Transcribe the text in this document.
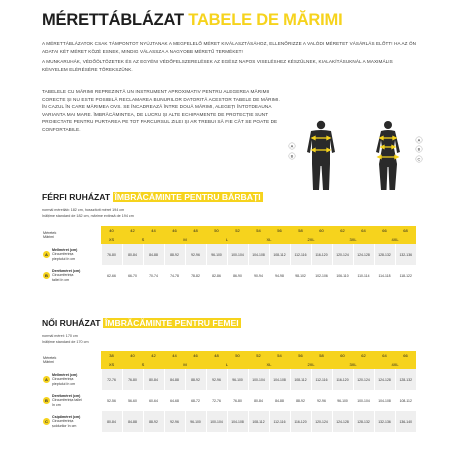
MÉRETTÁBLÁZAT TABELE DE MĂRIMI

A MÉRETTÁBLÁZATOK CSAK TÁMPONTOT NYÚJTANAK A MEGFELELŐ MÉRET KIVÁLASZTÁSÁHOZ, ELLENŐRIZZE A VALÓDI MÉRETET VÁSÁRLÁS ELŐTT! HA AZ ÖN ADATAI KÉT MÉRET KÖZÉ ESNEK, MINDIG VÁLASSZA A NAGYOBB MÉRETŰ TERMÉKET!

A MUNKARUHÁK, VÉDŐÖLTÖZETEK ÉS AZ EGYÉNI VÉDŐFELSZERELÉSEK AZ EGÉSZ NAPOS VISELÉSHEZ KÉSZÜLNEK, KIALAKÍTÁSUKNÁL A MAXIMÁLIS KÉNYELEM ELÉRÉSÉRE TÖREKSZÜNK.

TABELELE CU MĂRIMI REPREZINTĂ UN INSTRUMENT APROXIMATIV PENTRU ALEGEREA MĂRIMII CORECTE ȘI NU ESTE POSIBILĂ RECLAMAREA BUNURILOR DATORITĂ ACESTOR TABELE DE MĂRIMI. ÎN CAZUL ÎN CARE MĂRIMEA OVS. SE ÎNCADREAZĂ ÎNTRE DOUĂ MĂRIMI, ALEGEȚI ÎNTOTDEAUNA VARIANTA MAI MARE. ÎMBRĂCĂMINTEA, DE LUCRU ȘI ALTE ECHIPAMENTE DE PROTECȚIE SUNT PROIECTATE PENTRU PURTAREA PE TOT PARCURSUL ZILEI ȘI AR TREBUI SĂ FIE CÂT SE POATE DE CONFORTABILE.
A
B
A
B
C
FÉRFI RUHÁZAT ÎMBRĂCĂMINTE PENTRU BĂRBAȚI
normál méretláb: 182 cm, hosszított méret 194 cm
înălțime standard de 182 cm, mărime extinsă de 194 cm
Méretek
Mărimi	40	42	44	46	48	50	52	54	56	58	60	62	64	66	68
	XS	S		M		L		XL		2XL		3XL		4XL	

A
Mellméret (cm)
Circumferința
pieptului în cm	76-80	80-84	84-88	88-92	92-96	96-100	100-104	104-108	108-112	112-116	116-120	120-124	124-128	128-132	132-136

B
Derékméret (cm)
Circumferința
taliei în cm	62-66	66-70	70-74	74-78	78-82	82-86	86-90	90-94	94-98	98-102	102-106	106-110	110-114	114-118	118-122
NŐI RUHÁZAT ÎMBRĂCĂMINTE PENTRU FEMEI
normál méret: 170 cm
înălțime standard de 170 cm
Méretek
Mărimi	38	40	42	44	46	48	50	52	54	56	58	60	62	64	66
	XS	S		M		L		XL		2XL		3XL		4XL	

A
Mellméret (cm)
Circumferința
pieptului în cm	72-76	76-80	80-84	84-88	88-92	92-96	96-100	100-104	104-108	108-112	112-116	116-120	120-124	124-128	128-132

B
Derékméret (cm)
Circumferința taliei
în cm	52-56	56-60	60-64	64-68	68-72	72-76	76-80	80-84	84-88	88-92	92-96	96-100	100-104	104-108	108-112

C
Csípőméret (cm)
Circumferința
șoldurilor în cm	80-84	84-88	88-92	92-96	96-100	100-104	104-108	108-112	112-116	116-120	120-124	124-128	128-132	132-136	136-140
